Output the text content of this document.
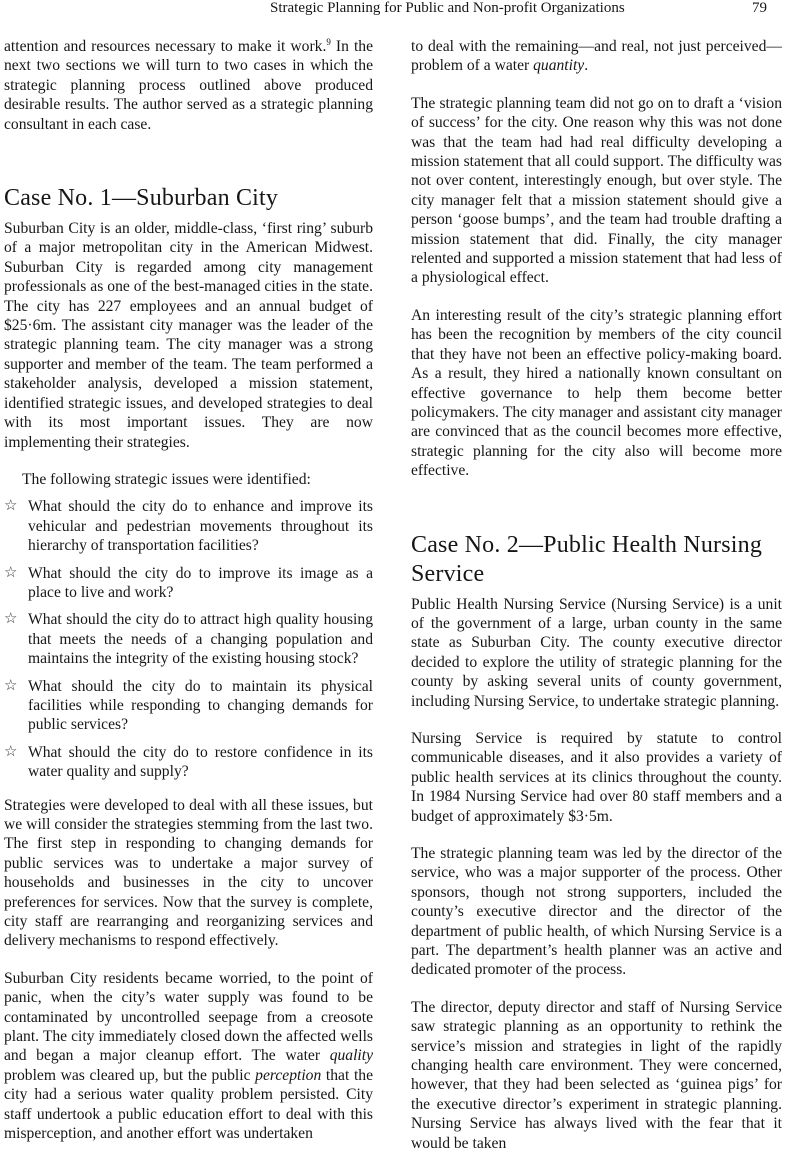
Strategic Planning for Public and Non-profit Organizations	79

attention and resources necessary to make it work.$^9$ In the next two sections we will turn to two cases in which the strategic planning process outlined above produced desirable results. The author served as a strategic planning consultant in each case.

Case No. 1—Suburban City

Suburban City is an older, middle-class, ‘first ring’ suburb of a major metropolitan city in the American Midwest. Suburban City is regarded among city management professionals as one of the best-managed cities in the state. The city has 227 employees and an annual budget of $25·6m. The assistant city manager was the leader of the strategic planning team. The city manager was a strong supporter and member of the team. The team performed a stakeholder analysis, developed a mission statement, identified strategic issues, and developed strategies to deal with its most important issues. They are now implementing their strategies.

The following strategic issues were identified:

☆ What should the city do to enhance and improve its vehicular and pedestrian movements throughout its hierarchy of transportation facilities?
☆ What should the city do to improve its image as a place to live and work?
☆ What should the city do to attract high quality housing that meets the needs of a changing population and maintains the integrity of the existing housing stock?
☆ What should the city do to maintain its physical facilities while responding to changing demands for public services?
☆ What should the city do to restore confidence in its water quality and supply?

Strategies were developed to deal with all these issues, but we will consider the strategies stemming from the last two. The first step in responding to changing demands for public services was to undertake a major survey of households and businesses in the city to uncover preferences for services. Now that the survey is complete, city staff are rearranging and reorganizing services and delivery mechanisms to respond effectively.

Suburban City residents became worried, to the point of panic, when the city’s water supply was found to be contaminated by uncontrolled seepage from a creosote plant. The city immediately closed down the affected wells and began a major cleanup effort. The water quality problem was cleared up, but the public perception that the city had a serious water quality problem persisted. City staff undertook a public education effort to deal with this misperception, and another effort was undertaken

to deal with the remaining—and real, not just perceived—problem of a water quantity.

The strategic planning team did not go on to draft a ‘vision of success’ for the city. One reason why this was not done was that the team had had real difficulty developing a mission statement that all could support. The difficulty was not over content, interestingly enough, but over style. The city manager felt that a mission statement should give a person ‘goose bumps’, and the team had trouble drafting a mission statement that did. Finally, the city manager relented and supported a mission statement that had less of a physiological effect.

An interesting result of the city’s strategic planning effort has been the recognition by members of the city council that they have not been an effective policy-making board. As a result, they hired a nationally known consultant on effective governance to help them become better policymakers. The city manager and assistant city manager are convinced that as the council becomes more effective, strategic planning for the city also will become more effective.

Case No. 2—Public Health Nursing Service

Public Health Nursing Service (Nursing Service) is a unit of the government of a large, urban county in the same state as Suburban City. The county executive director decided to explore the utility of strategic planning for the county by asking several units of county government, including Nursing Service, to undertake strategic planning.

Nursing Service is required by statute to control communicable diseases, and it also provides a variety of public health services at its clinics throughout the county. In 1984 Nursing Service had over 80 staff members and a budget of approximately $3·5m.

The strategic planning team was led by the director of the service, who was a major supporter of the process. Other sponsors, though not strong supporters, included the county’s executive director and the director of the department of public health, of which Nursing Service is a part. The department’s health planner was an active and dedicated promoter of the process.

The director, deputy director and staff of Nursing Service saw strategic planning as an opportunity to rethink the service’s mission and strategies in light of the rapidly changing health care environment. They were concerned, however, that they had been selected as ‘guinea pigs’ for the executive director’s experiment in strategic planning. Nursing Service has always lived with the fear that it would be taken
